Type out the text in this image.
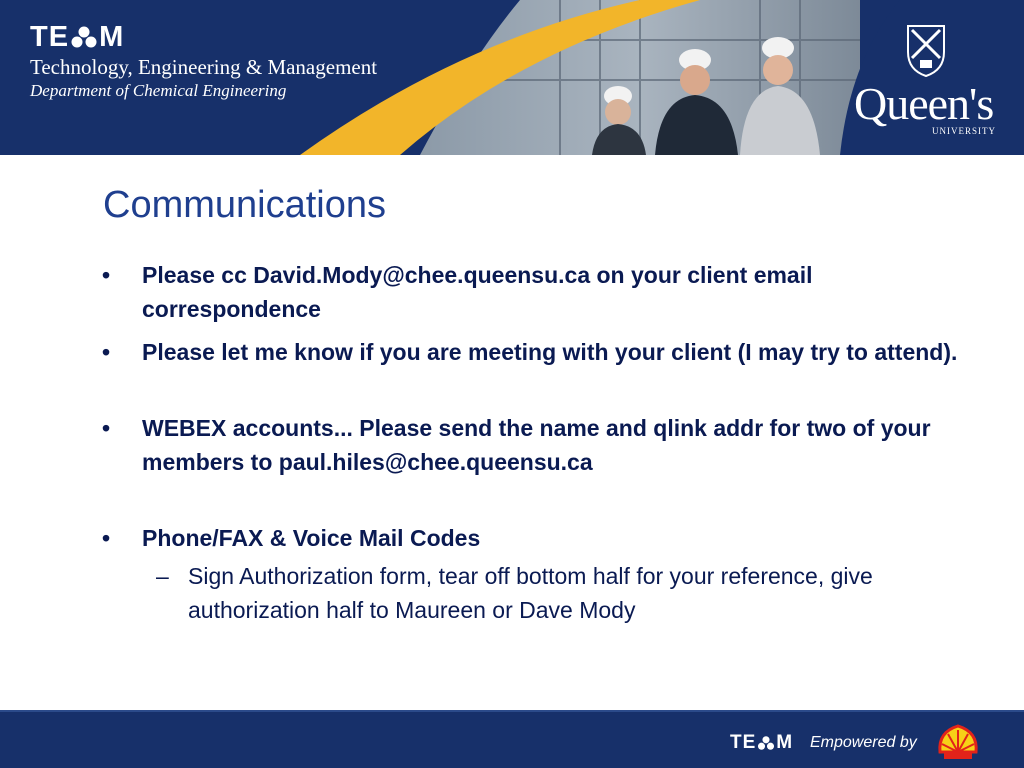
TE M
Technology, Engineering & Management
Department of Chemical Engineering	Queen's
UNIVERSITY
Communications
• Please cc David.Mody@chee.queensu.ca on your client email correspondence
• Please let me know if you are meeting with your client (I may try to attend).
• WEBEX accounts... Please send the name and qlink addr for two of your members to paul.hiles@chee.queensu.ca
• Phone/FAX & Voice Mail Codes
– Sign Authorization form, tear off bottom half for your reference, give authorization half to Maureen or Dave Mody
TE M Empowered by
